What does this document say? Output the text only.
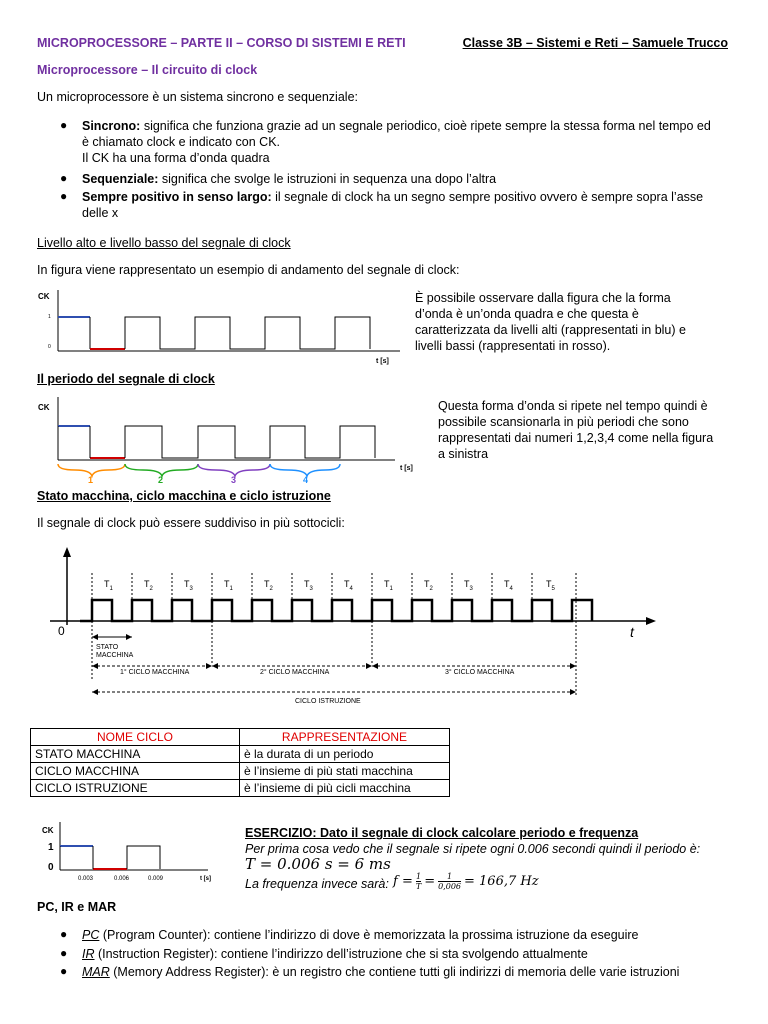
MICROPROCESSORE – PARTE II – CORSO DI SISTEMI E RETI	Classe 3B – Sistemi e Reti – Samuele Trucco
Microprocessore – Il circuito di clock
Un microprocessore è un sistema sincrono e sequenziale:
● Sincrono: significa che funziona grazie ad un segnale periodico, cioè ripete sempre la stessa forma nel tempo ed
è chiamato clock e indicato con CK.
Il CK ha una forma d’onda quadra
● Sequenziale: significa che svolge le istruzioni in sequenza una dopo l’altra
● Sempre positivo in senso largo: il segnale di clock ha un segno sempre positivo ovvero è sempre sopra l’asse
delle x
Livello alto e livello basso del segnale di clock
In figura viene rappresentato un esempio di andamento del segnale di clock:
CK
1
0
t [s]
È possibile osservare dalla figura che la forma
d’onda è un’onda quadra e che questa è
caratterizzata da livelli alti (rappresentati in blu) e
livelli bassi (rappresentati in rosso).
Il periodo del segnale di clock
CK
1	2	3	4
t [s]
Questa forma d’onda si ripete nel tempo quindi è
possibile scansionarla in più periodi che sono
rappresentati dai numeri 1,2,3,4 come nella figura
a sinistra
Stato macchina, ciclo macchina e ciclo istruzione
Il segnale di clock può essere suddiviso in più sottocicli:
0	t
$T_1$	$T_2$	$T_3$	$T_1$	$T_2$	$T_3$	$T_4$	$T_1$	$T_2$	$T_3$	$T_4$	$T_5$
STATO
MACCHINA
1° CICLO MACCHINA	2° CICLO MACCHINA	3° CICLO MACCHINA
CICLO ISTRUZIONE
NOME CICLO	RAPPRESENTAZIONE
STATO MACCHINA	è la durata di un periodo
CICLO MACCHINA	è l’insieme di più stati macchina
CICLO ISTRUZIONE	è l’insieme di più cicli macchina
CK
1
0
0.003	0.006	0.009	t [s]
ESERCIZIO: Dato il segnale di clock calcolare periodo e frequenza
Per prima cosa vedo che il segnale si ripete ogni 0.006 secondi quindi il periodo è:
T = 0.006 s = 6 ms
La frequenza invece sarà: $f = \frac{1}{T} = \frac{1}{0,006} = 166,7$ Hz
PC, IR e MAR
● PC (Program Counter): contiene l’indirizzo di dove è memorizzata la prossima istruzione da eseguire
● IR (Instruction Register): contiene l’indirizzo dell’istruzione che si sta svolgendo attualmente
● MAR (Memory Address Register): è un registro che contiene tutti gli indirizzi di memoria delle varie istruzioni
